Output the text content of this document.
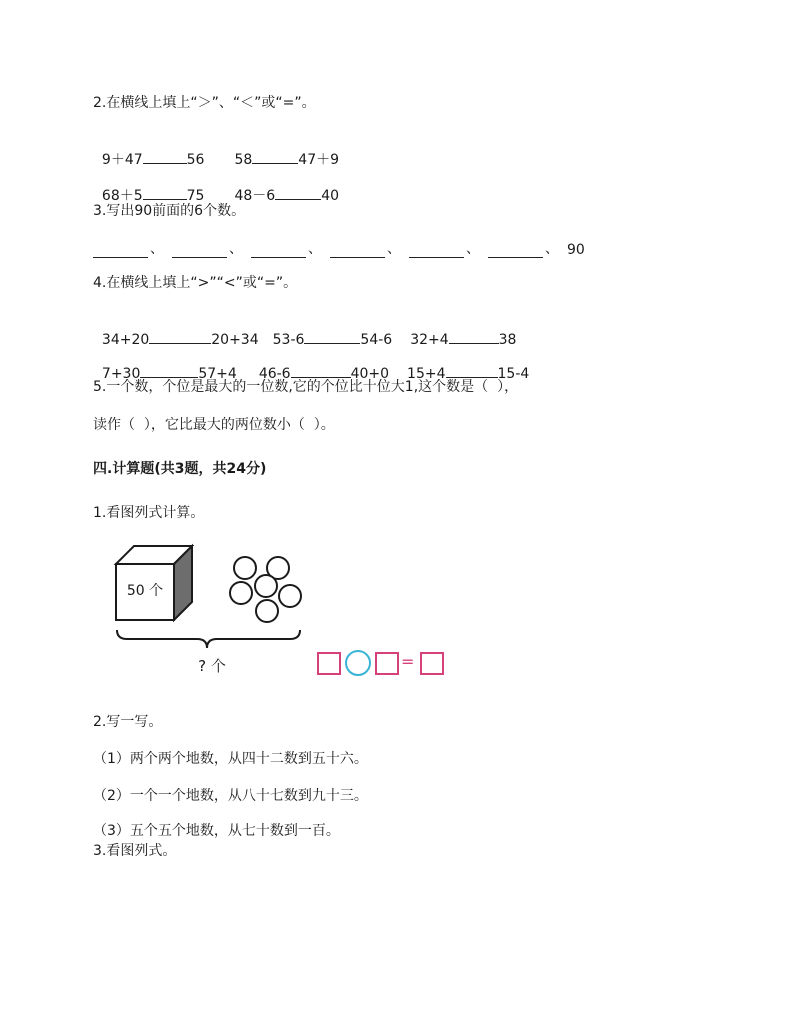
2.在横线上填上“＞”、“＜”或“=”。

9＋47	56 58	47＋9

68＋5	75 48－6	40

3.写出90前面的6个数。
、	、	、	、	、	、 90
4.在横线上填上“>”“<”或“=”。

34+20	20+34 53-6	54-6 32+4	38

7+30	57+4 46-6	40+0 15+4	15-4

5.一个数，个位是最大的一位数,它的个位比十位大1,这个数是（  ），
读作（  ），它比最大的两位数小（  ）。
四.计算题(共3题，共24分)
1.看图列式计算。
50 个
? 个	=
2.写一写。
（1）两个两个地数，从四十二数到五十六。
（2）一个一个地数，从八十七数到九十三。
（3）五个五个地数，从七十数到一百。
3.看图列式。
